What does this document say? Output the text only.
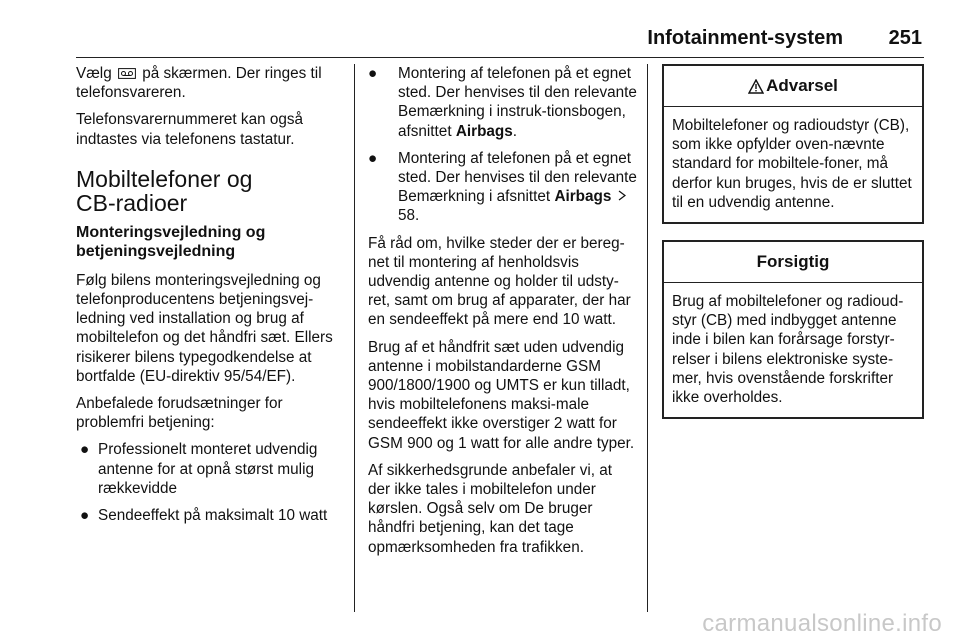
Infotainment-system 251

Vælg på skærmen. Der ringes til telefonsvareren.

Telefonsvarernummeret kan også indtastes via telefonens tastatur.

Mobiltelefoner og
CB-radioer
Monteringsvejledning og betjeningsvejledning

Følg bilens monteringsvejledning og telefonproducentens betjeningsvej-ledning ved installation og brug af mobiltelefon og det håndfri sæt. Ellers risikerer bilens typegodkendelse at bortfalde (EU-direktiv 95/54/EF).

Anbefalede forudsætninger for problemfri betjening:

● Professionelt monteret udvendig antenne for at opnå størst mulig rækkevidde
● Sendeeffekt på maksimalt 10 watt
● Montering af telefonen på et egnet sted. Der henvises til den relevante Bemærkning i instruk-tionsbogen, afsnittet Airbags.
● Montering af telefonen på et egnet sted. Der henvises til den relevante Bemærkning i afsnittet Airbags 58.

Få råd om, hvilke steder der er bereg-net til montering af henholdsvis udvendig antenne og holder til udsty-ret, samt om brug af apparater, der har en sendeeffekt på mere end 10 watt.

Brug af et håndfrit sæt uden udvendig antenne i mobilstandarderne GSM 900/1800/1900 og UMTS er kun tilladt, hvis mobiltelefonens maksi-male sendeeffekt ikke overstiger 2 watt for GSM 900 og 1 watt for alle andre typer.

Af sikkerhedsgrunde anbefaler vi, at der ikke tales i mobiltelefon under kørslen. Også selv om De bruger håndfri betjening, kan det tage opmærksomheden fra trafikken.

Advarsel
Mobiltelefoner og radioudstyr (CB), som ikke opfylder oven-nævnte standard for mobiltele-foner, må derfor kun bruges, hvis de er sluttet til en udvendig antenne.
Forsigtig
Brug af mobiltelefoner og radioud-styr (CB) med indbygget antenne inde i bilen kan forårsage forstyr-relser i bilens elektroniske syste-mer, hvis ovenstående forskrifter ikke overholdes.
carmanualsonline.info
